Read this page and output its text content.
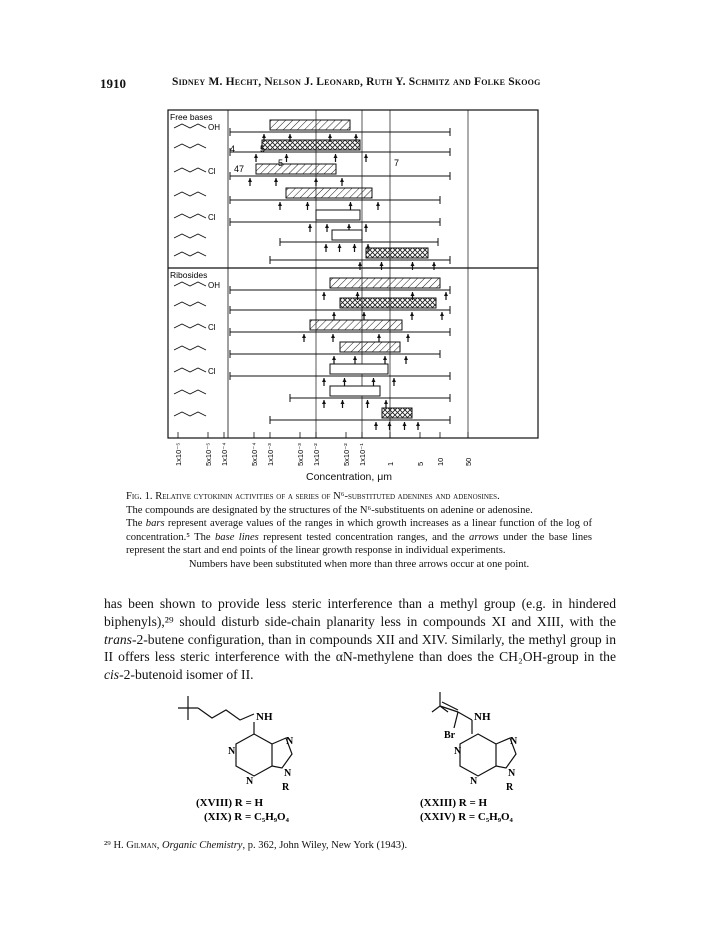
1910	Sidney M. Hecht, Nelson J. Leonard, Ruth Y. Schmitz and Folke Skoog
Free bases
Ribosides
4	5
5	7
47
1x10⁻⁵	5x10⁻⁵ 1x10⁻⁴	5x10⁻⁴ 1x10⁻³	5x10⁻³ 1x10⁻²	5x10⁻² 1x10⁻¹	1	5 10	50
OH
Cl
Cl
OH
Cl
Cl
Concentration, μm

Fig. 1. Relative cytokinin activities of a series of N⁶-substituted adenines and adenosines.

The compounds are designated by the structures of the N⁶-substituents on adenine or adenosine.

The bars represent average values of the ranges in which growth increases as a linear function of the log of concentration.⁵ The base lines represent tested concentration ranges, and the arrows under the base lines represent the start and end points of the linear growth response in individual experiments.

Numbers have been substituted when more than three arrows occur at one point.

has been shown to provide less steric interference than a methyl group (e.g. in hindered biphenyls),²⁹ should disturb side-chain planarity less in compounds XI and XIII, with the trans-2-butene configuration, than in compounds XII and XIV. Similarly, the methyl group in II offers less steric interference with the αN-methylene than does the CH₂OH-group in the cis-2-butenoid isomer of II.

NH
N
N
N
N
R
(XVIII) R = H
(XIX) R = C₅H₉O₄
NH
Br
N
N
N
N
R
(XXIII) R = H
(XXIV) R = C₅H₉O₄
²⁹ H. Gilman, Organic Chemistry, p. 362, John Wiley, New York (1943).
